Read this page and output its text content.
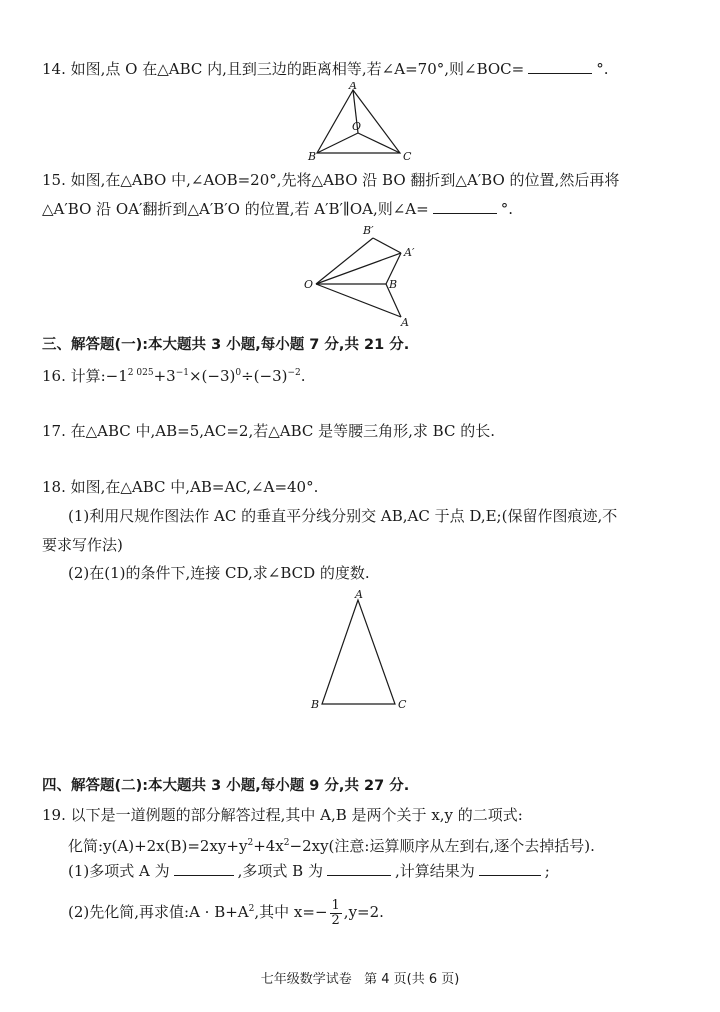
14. 如图,点 O 在△ABC 内,且到三边的距离相等,若∠A=70°,则∠BOC=	°.
A
B	C
O
15. 如图,在△ABO 中,∠AOB=20°,先将△ABO 沿 BO 翻折到△A′BO 的位置,然后再将
△A′BO 沿 OA′翻折到△A′B′O 的位置,若 A′B′∥OA,则∠A=	°.
B′
A′
O	B
A
三、解答题(一):本大题共 3 小题,每小题 7 分,共 21 分.
16. 计算$:-1^{2 025}+3^{-1}\times(-3)^0\div(-3)^{-2}$.
17. 在△ABC 中,AB=5,AC=2,若△ABC 是等腰三角形,求 BC 的长.
18. 如图,在△ABC 中,AB=AC,∠A=40°.
(1)利用尺规作图法作 AC 的垂直平分线分别交 AB,AC 于点 D,E;(保留作图痕迹,不
要求写作法)
(2)在(1)的条件下,连接 CD,求∠BCD 的度数.
A
B	C
四、解答题(二):本大题共 3 小题,每小题 9 分,共 27 分.
19. 以下是一道例题的部分解答过程,其中 A,B 是两个关于 x,y 的二项式:
化简$:y(A)+2x(B)=2xy+y^2+4x^2-2xy$(注意:运算顺序从左到右,逐个去掉括号).
(1)多项式 A 为	,多项式 B 为	,计算结果为	;
(2)先化简,再求值:A · $B+A^2$,其中 $x=- \frac{1}{2} ,y=2$.
七年级数学试卷   第 4 页(共 6 页)
